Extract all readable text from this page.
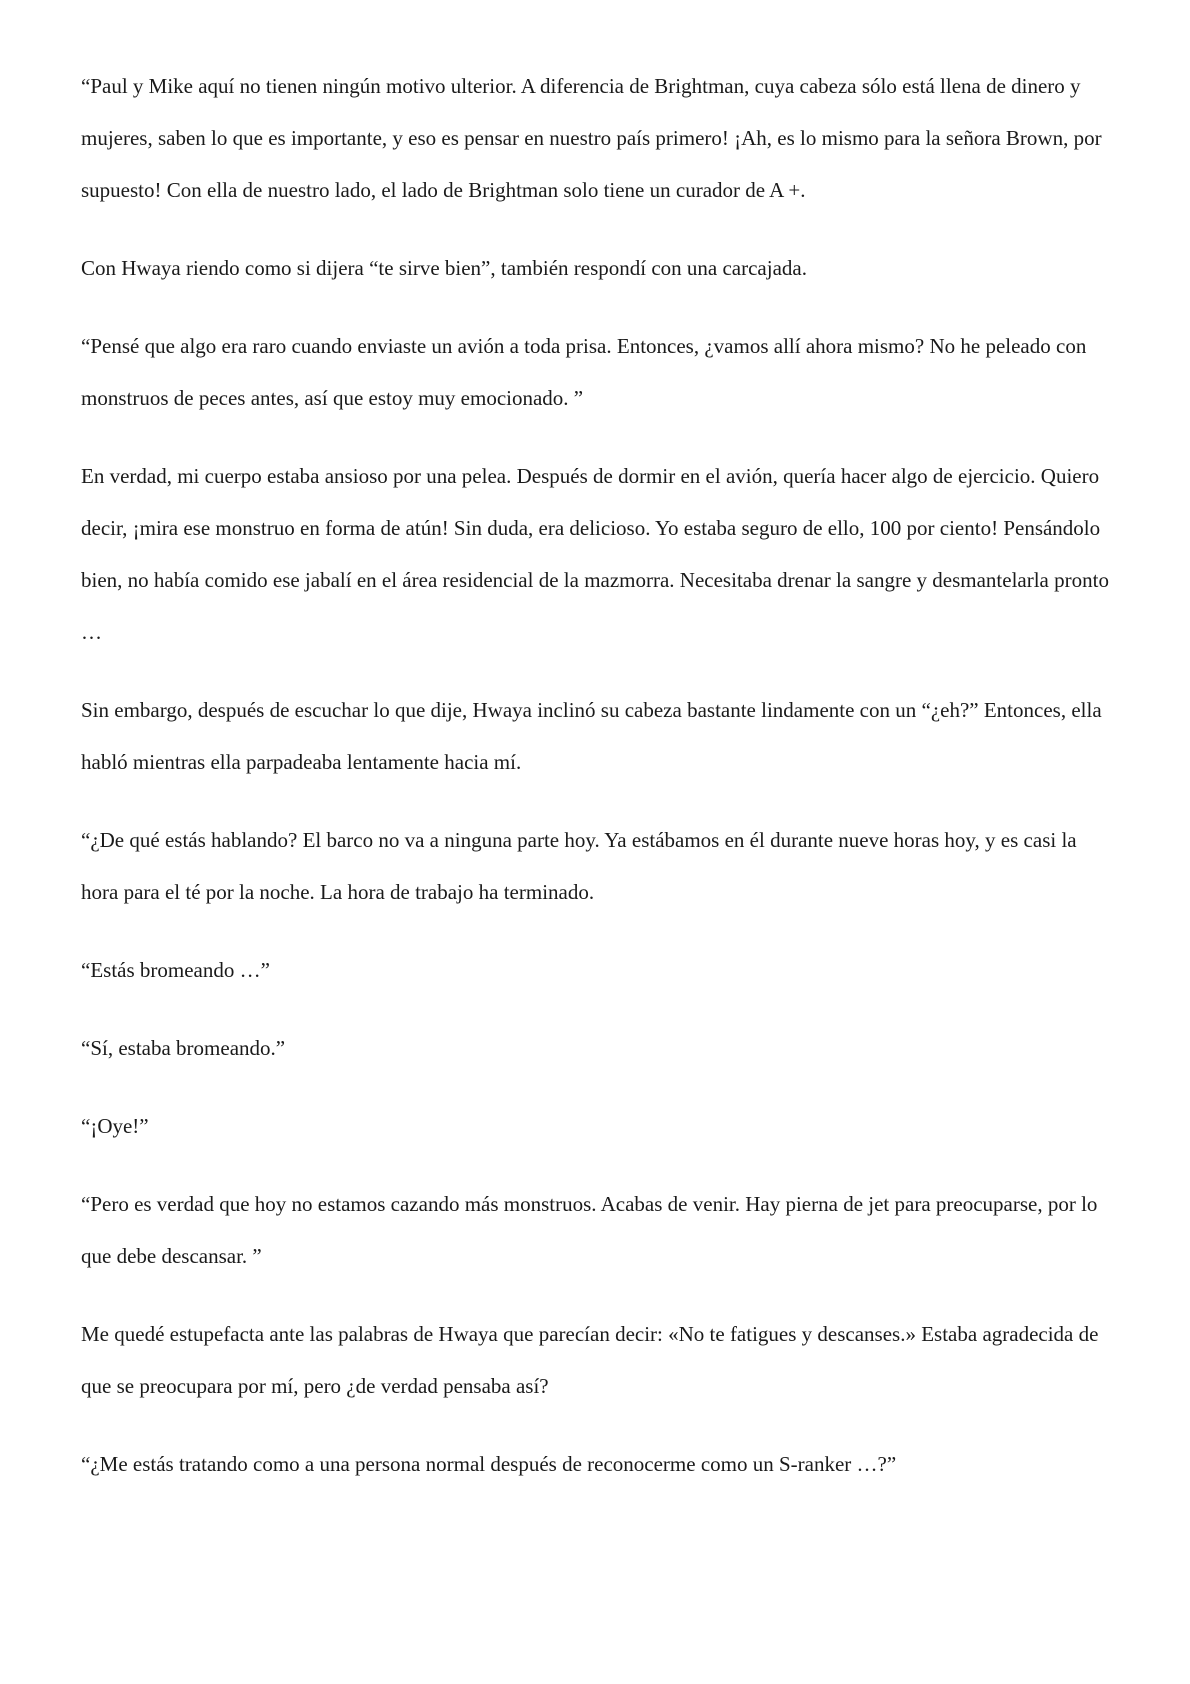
“Paul y Mike aquí no tienen ningún motivo ulterior. A diferencia de Brightman, cuya cabeza sólo está llena de dinero y mujeres, saben lo que es importante, y eso es pensar en nuestro país primero! ¡Ah, es lo mismo para la señora Brown, por supuesto! Con ella de nuestro lado, el lado de Brightman solo tiene un curador de A +.

Con Hwaya riendo como si dijera “te sirve bien”, también respondí con una carcajada.

“Pensé que algo era raro cuando enviaste un avión a toda prisa. Entonces, ¿vamos allí ahora mismo? No he peleado con monstruos de peces antes, así que estoy muy emocionado. ”

En verdad, mi cuerpo estaba ansioso por una pelea. Después de dormir en el avión, quería hacer algo de ejercicio. Quiero decir, ¡mira ese monstruo en forma de atún! Sin duda, era delicioso. Yo estaba seguro de ello, 100 por ciento! Pensándolo bien, no había comido ese jabalí en el área residencial de la mazmorra. Necesitaba drenar la sangre y desmantelarla pronto …

Sin embargo, después de escuchar lo que dije, Hwaya inclinó su cabeza bastante lindamente con un “¿eh?” Entonces, ella habló mientras ella parpadeaba lentamente hacia mí.

“¿De qué estás hablando? El barco no va a ninguna parte hoy. Ya estábamos en él durante nueve horas hoy, y es casi la hora para el té por la noche. La hora de trabajo ha terminado.

“Estás bromeando …”

“Sí, estaba bromeando.”

“¡Oye!”

“Pero es verdad que hoy no estamos cazando más monstruos. Acabas de venir. Hay pierna de jet para preocuparse, por lo que debe descansar. ”

Me quedé estupefacta ante las palabras de Hwaya que parecían decir: «No te fatigues y descanses.» Estaba agradecida de que se preocupara por mí, pero ¿de verdad pensaba así?

“¿Me estás tratando como a una persona normal después de reconocerme como un S-ranker …?”
